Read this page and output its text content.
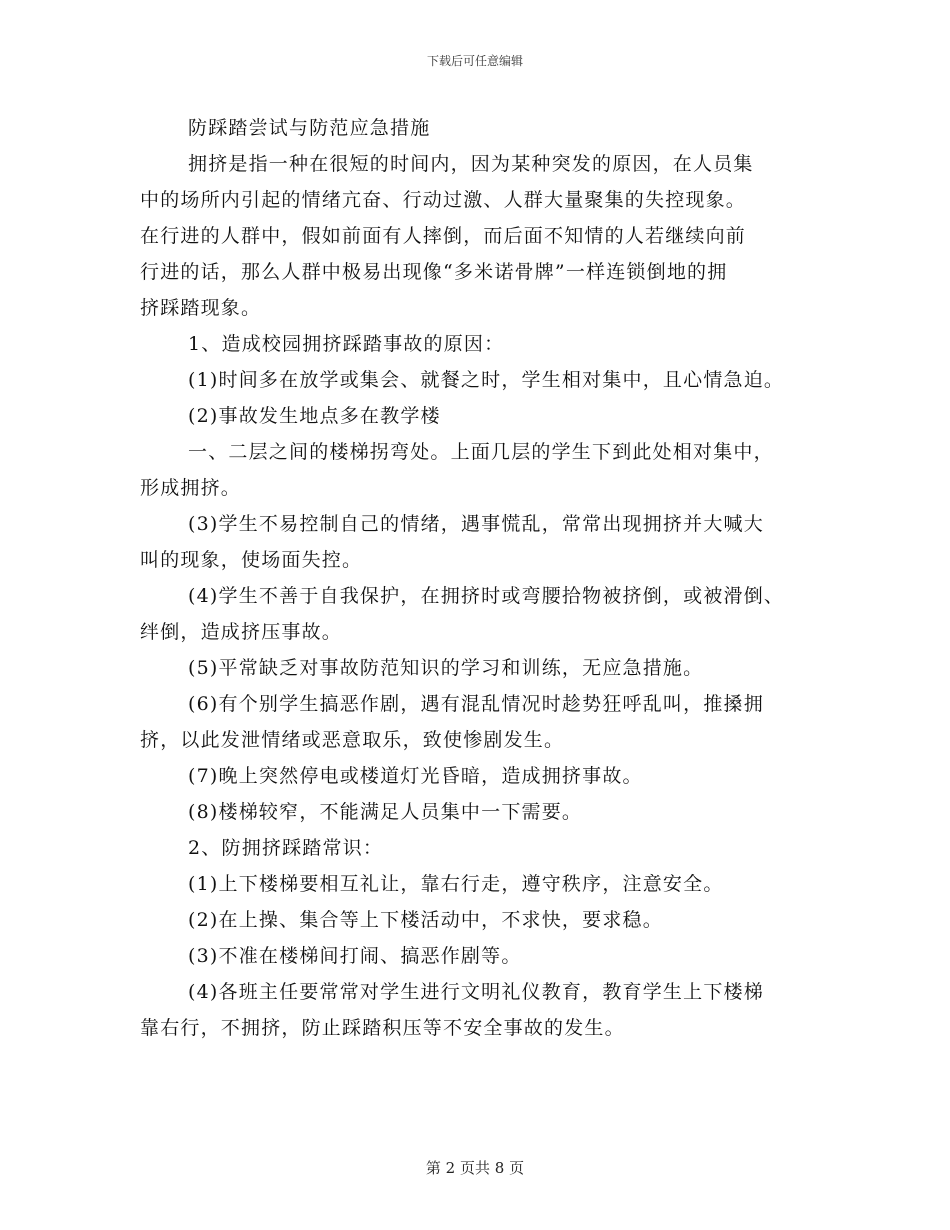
下载后可任意编辑
防踩踏尝试与防范应急措施
拥挤是指一种在很短的时间内，因为某种突发的原因，在人员集
中的场所内引起的情绪亢奋、行动过激、人群大量聚集的失控现象。
在行进的人群中，假如前面有人摔倒，而后面不知情的人若继续向前
行进的话，那么人群中极易出现像“多米诺骨牌”一样连锁倒地的拥
挤踩踏现象。
1、造成校园拥挤踩踏事故的原因：
(1)时间多在放学或集会、就餐之时，学生相对集中，且心情急迫。
(2)事故发生地点多在教学楼
一、二层之间的楼梯拐弯处。上面几层的学生下到此处相对集中，
形成拥挤。
(3)学生不易控制自己的情绪，遇事慌乱，常常出现拥挤并大喊大
叫的现象，使场面失控。
(4)学生不善于自我保护，在拥挤时或弯腰拾物被挤倒，或被滑倒、
绊倒，造成挤压事故。
(5)平常缺乏对事故防范知识的学习和训练，无应急措施。
(6)有个别学生搞恶作剧，遇有混乱情况时趁势狂呼乱叫，推搡拥
挤，以此发泄情绪或恶意取乐，致使惨剧发生。
(7)晚上突然停电或楼道灯光昏暗，造成拥挤事故。
(8)楼梯较窄，不能满足人员集中一下需要。
2、防拥挤踩踏常识：
(1)上下楼梯要相互礼让，靠右行走，遵守秩序，注意安全。
(2)在上操、集合等上下楼活动中，不求快，要求稳。
(3)不准在楼梯间打闹、搞恶作剧等。
(4)各班主任要常常对学生进行文明礼仪教育，教育学生上下楼梯
靠右行，不拥挤，防止踩踏积压等不安全事故的发生。
第 2 页共 8 页
